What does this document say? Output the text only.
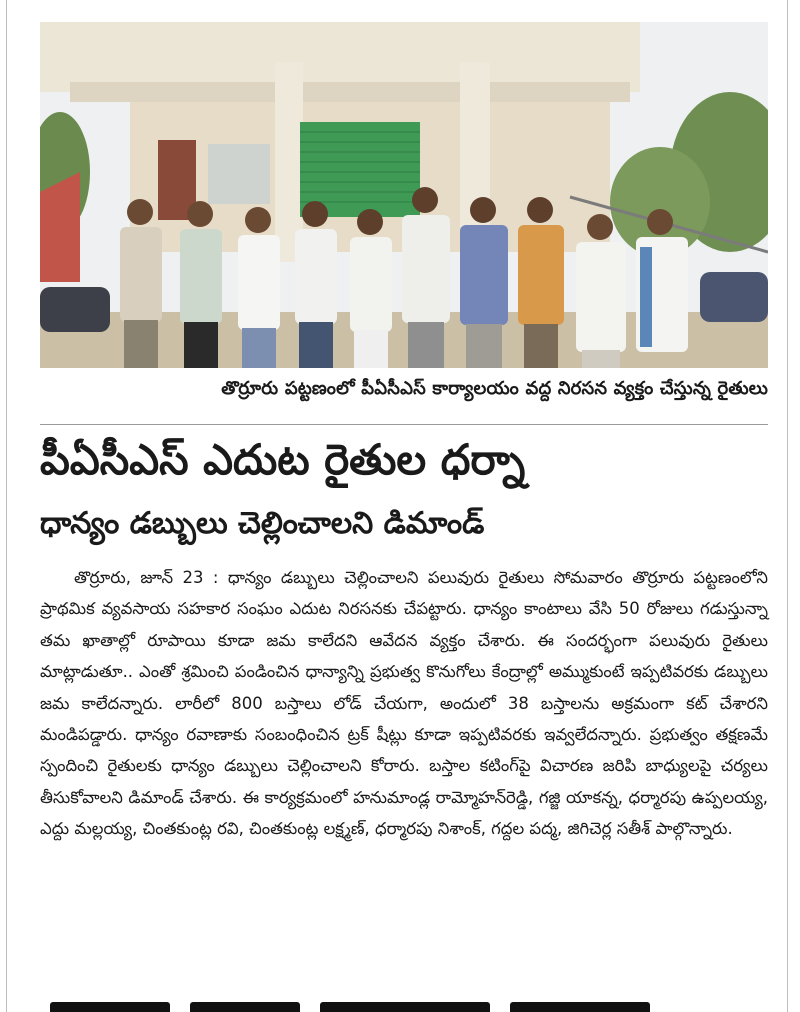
తొర్రూరు పట్టణంలో పీఏసీఎస్ కార్యాలయం వద్ద నిరసన వ్యక్తం చేస్తున్న రైతులు
పీఏసీఎస్ ఎదుట రైతుల ధర్నా
ధాన్యం డబ్బులు చెల్లించాలని డిమాండ్
తొర్రూరు, జూన్ 23 : ధాన్యం డబ్బులు చెల్లించాలని పలువురు రైతులు సోమవారం తొర్రూరు పట్టణంలోని ప్రాథమిక వ్యవసాయ సహకార సంఘం ఎదుట నిరసనకు చేపట్టారు. ధాన్యం కాంటాలు వేసి 50 రోజులు గడుస్తున్నా తమ ఖాతాల్లో రూపాయి కూడా జమ కాలేదని ఆవేదన వ్యక్తం చేశారు. ఈ సందర్భంగా పలువురు రైతులు మాట్లాడుతూ.. ఎంతో శ్రమించి పండించిన ధాన్యాన్ని ప్రభుత్వ కొనుగోలు కేంద్రాల్లో అమ్ముకుంటే ఇప్పటివరకు డబ్బులు జమ కాలేదన్నారు. లారీలో 800 బస్తాలు లోడ్ చేయగా, అందులో 38 బస్తాలను అక్రమంగా కట్ చేశారని మండిపడ్డారు. ధాన్యం రవాణాకు సంబంధించిన ట్రక్ షీట్లు కూడా ఇప్పటివరకు ఇవ్వలేదన్నారు. ప్రభుత్వం తక్షణమే స్పందించి రైతులకు ధాన్యం డబ్బులు చెల్లించాలని కోరారు. బస్తాల కటింగ్‌పై విచారణ జరిపి బాధ్యులపై చర్యలు తీసుకోవాలని డిమాండ్ చేశారు. ఈ కార్యక్రమంలో హనుమాండ్ల రామ్మోహన్‌రెడ్డి, గజ్జి యాకన్న, ధర్మారపు ఉప్పలయ్య, ఎద్దు మల్లయ్య, చింతకుంట్ల రవి, చింతకుంట్ల లక్ష్మణ్, ధర్మారపు నిశాంక్, గద్దల పద్మ, జిగిచెర్ల సతీశ్ పాల్గొన్నారు.
